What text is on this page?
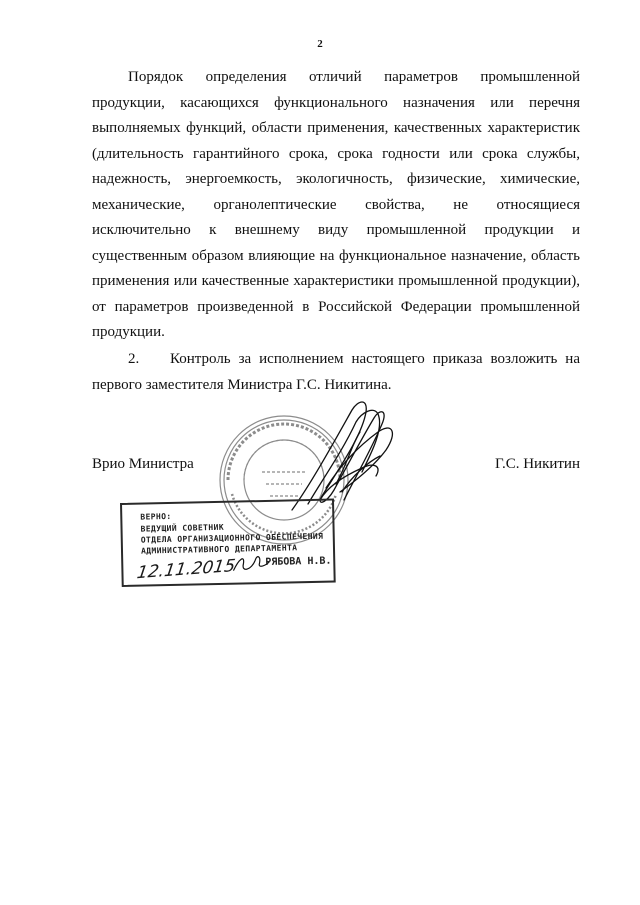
2

Порядок определения отличий параметров промышленной продукции, касающихся функционального назначения или перечня выполняемых функций, области применения, качественных характеристик (длительность гарантийного срока, срока годности или срока службы, надежность, энергоемкость, экологичность, физические, химические, механические, органолептические свойства, не относящиеся исключительно к внешнему виду промышленной продукции и существенным образом влияющие на функциональное назначение, область применения или качественные характеристики промышленной продукции), от параметров произведенной в Российской Федерации промышленной продукции.

2. Контроль за исполнением настоящего приказа возложить на первого заместителя Министра Г.С. Никитина.

Врио Министра	Г.С. Никитин
ВЕРНО:
ВЕДУЩИЙ СОВЕТНИК
ОТДЕЛА ОРГАНИЗАЦИОННОГО ОБЕСПЕЧЕНИЯ
АДМИНИСТРАТИВНОГО ДЕПАРТАМЕНТА
12.11.2015	РЯБОВА Н.В.
